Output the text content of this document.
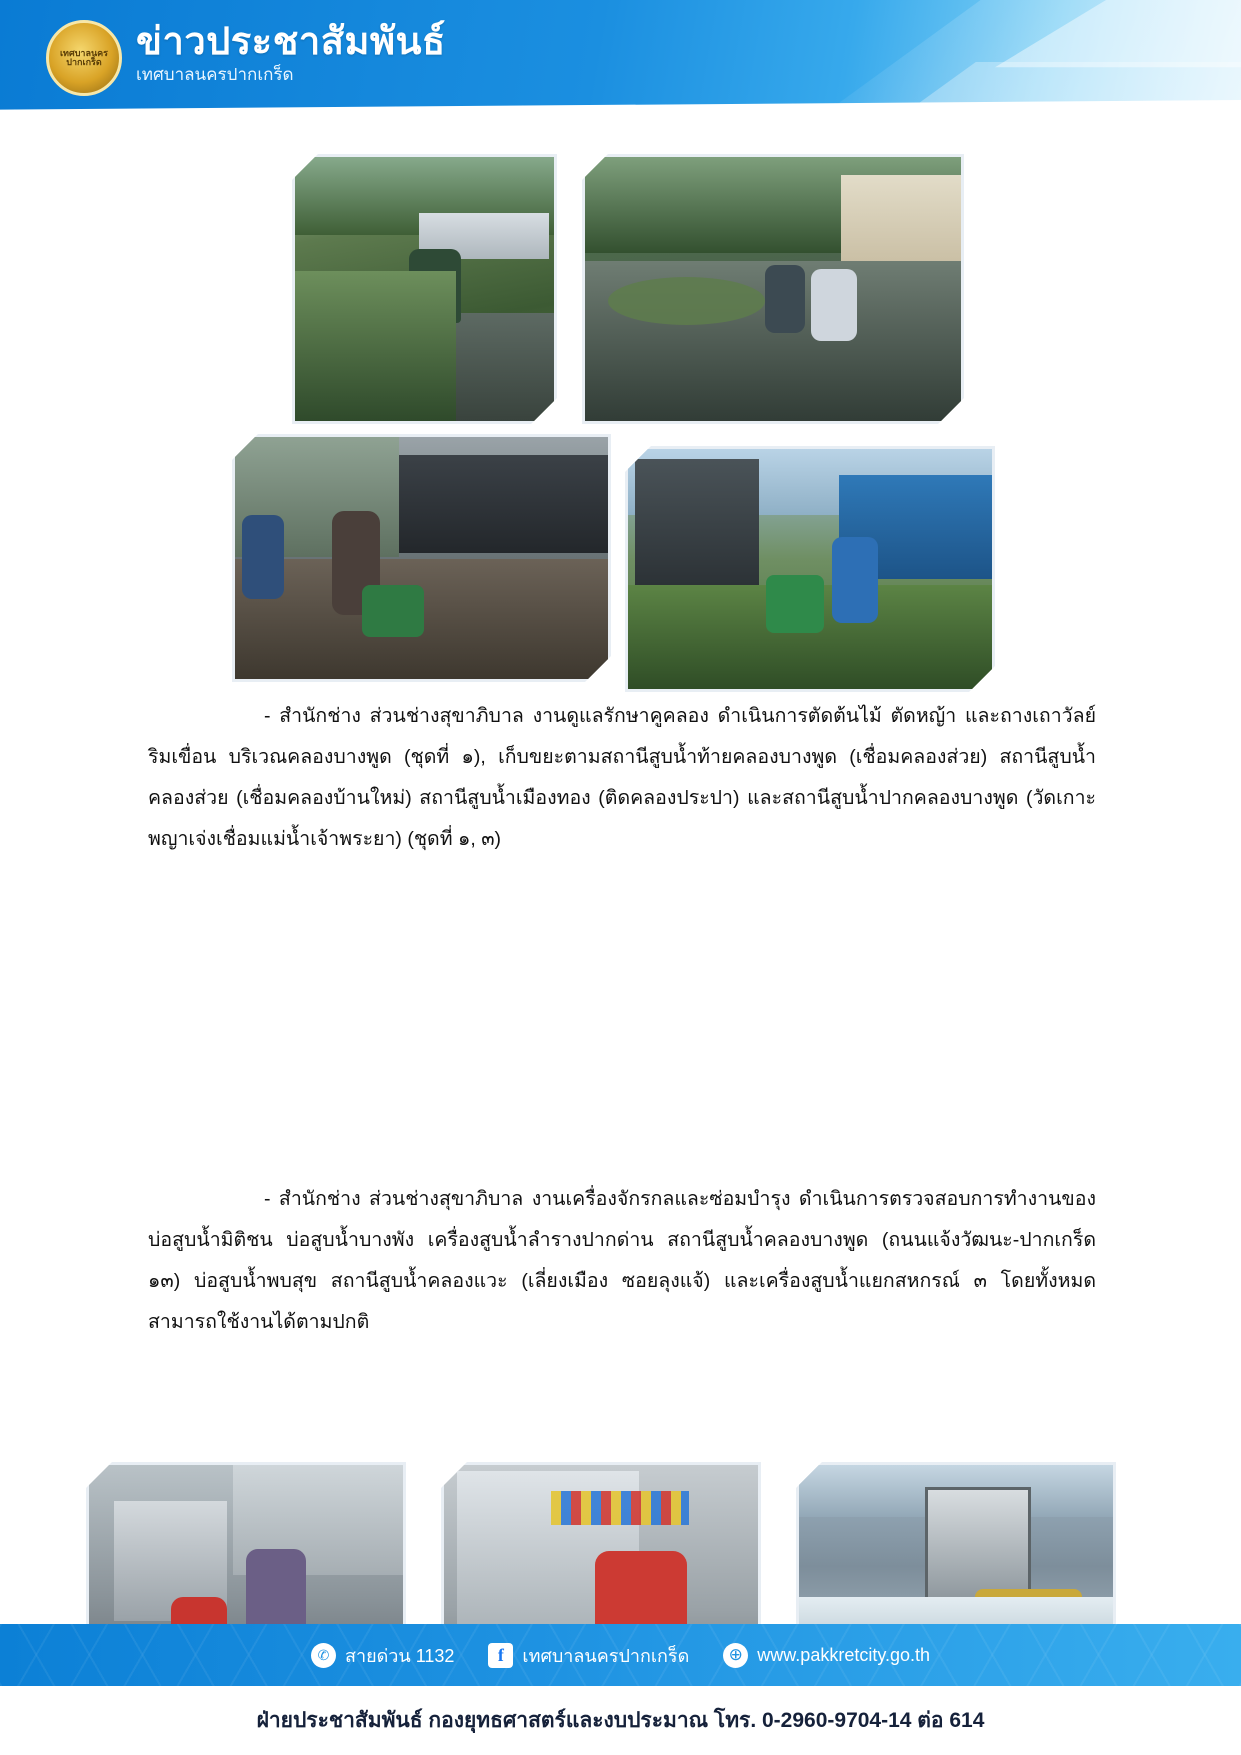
เทศบาลนครปากเกร็ด ข่าวประชาสัมพันธ์
เทศบาลนครปากเกร็ด
- สำนักช่าง ส่วนช่างสุขาภิบาล งานดูแลรักษาคูคลอง ดำเนินการตัดต้นไม้ ตัดหญ้า และถางเถาวัลย์ริมเขื่อน บริเวณคลองบางพูด (ชุดที่ ๑), เก็บขยะตามสถานีสูบน้ำท้ายคลองบางพูด (เชื่อมคลองส่วย) สถานีสูบน้ำคลองส่วย (เชื่อมคลองบ้านใหม่) สถานีสูบน้ำเมืองทอง (ติดคลองประปา) และสถานีสูบน้ำปากคลองบางพูด (วัดเกาะพญาเจ่งเชื่อมแม่น้ำเจ้าพระยา) (ชุดที่ ๑, ๓)
- สำนักช่าง ส่วนช่างสุขาภิบาล งานเครื่องจักรกลและซ่อมบำรุง ดำเนินการตรวจสอบการทำงานของบ่อสูบน้ำมิติชน บ่อสูบน้ำบางพัง เครื่องสูบน้ำลำรางปากด่าน สถานีสูบน้ำคลองบางพูด (ถนนแจ้งวัฒนะ-ปากเกร็ด ๑๓) บ่อสูบน้ำพบสุข สถานีสูบน้ำคลองแวะ (เลี่ยงเมือง ซอยลุงแจ้) และเครื่องสูบน้ำแยกสหกรณ์ ๓ โดยทั้งหมดสามารถใช้งานได้ตามปกติ
✆ สายด่วน 1132	f	เทศบาลนครปากเกร็ด	⊕ www.pakkretcity.go.th
ฝ่ายประชาสัมพันธ์ กองยุทธศาสตร์และงบประมาณ โทร. 0-2960-9704-14 ต่อ 614
